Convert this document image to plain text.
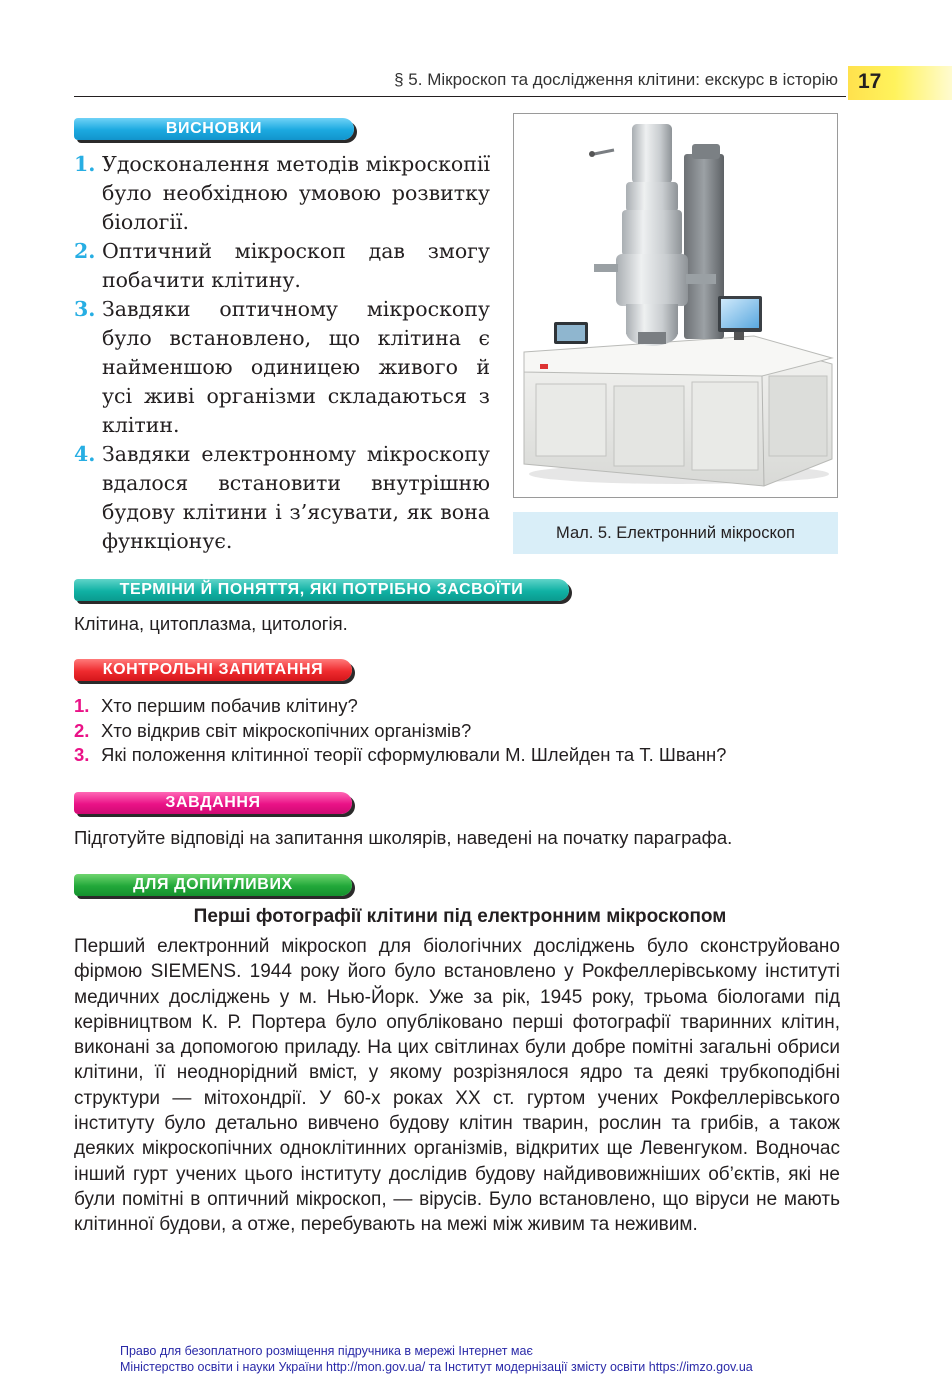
§ 5. Мікроскоп та дослідження клітини: екскурс в історію 17
ВИСНОВКИ
1. Удосконалення методів мікроскопії було необхідною умовою розвитку біології.
2. Оптичний мікроскоп дав змогу побачити клітину.
3. Завдяки оптичному мікроскопу було встановлено, що клітина є найменшою одиницею живого й усі живі організми складаються з клітин.
4. Завдяки електронному мікроскопу вдалося встановити внутрішню будову клітини і з’ясувати, як вона функціонує.	Мал. 5. Електронний мікроскоп
ТЕРМІНИ Й ПОНЯТТЯ, ЯКІ ПОТРІБНО ЗАСВОЇТИ
Клітина, цитоплазма, цитологія.
КОНТРОЛЬНІ ЗАПИТАННЯ
1. Хто першим побачив клітину?
2. Хто відкрив світ мікроскопічних організмів?
3. Які положення клітинної теорії сформулювали М. Шлейден та Т. Шванн?
ЗАВДАННЯ
Підготуйте відповіді на запитання школярів, наведені на початку параграфа.
ДЛЯ ДОПИТЛИВИХ
Перші фотографії клітини під електронним мікроскопом

Перший електронний мікроскоп для біологічних досліджень було сконструйовано фірмою SIEMENS. 1944 року його було встановлено у Рокфеллерівському інституті медичних досліджень у м. Нью-Йорк. Уже за рік, 1945 року, трьома біологами під керівництвом К. Р. Портера було опубліковано перші фотографії тваринних клітин, виконані за допомогою приладу. На цих світлинах були добре помітні загальні обриси клітини, її неоднорідний вміст, у якому розрізнялося ядро та деякі трубкоподібні структури — мітохондрії. У 60-х роках XX ст. гуртом учених Рокфеллерівського інституту було детально вивчено будову клітин тварин, рослин та грибів, а також деяких мікроскопічних одноклітинних організмів, відкритих ще Левенгуком. Водночас інший гурт учених цього інституту дослідив будову найдивовижніших об’єктів, які не були помітні в оптичний мікроскоп, — вірусів. Було встановлено, що віруси не мають клітинної будови, а отже, перебувають на межі між живим та неживим.

Право для безоплатного розміщення підручника в мережі Інтернет має
Міністерство освіти і науки України http://mon.gov.ua/ та Інститут модернізації змісту освіти https://imzo.gov.ua
